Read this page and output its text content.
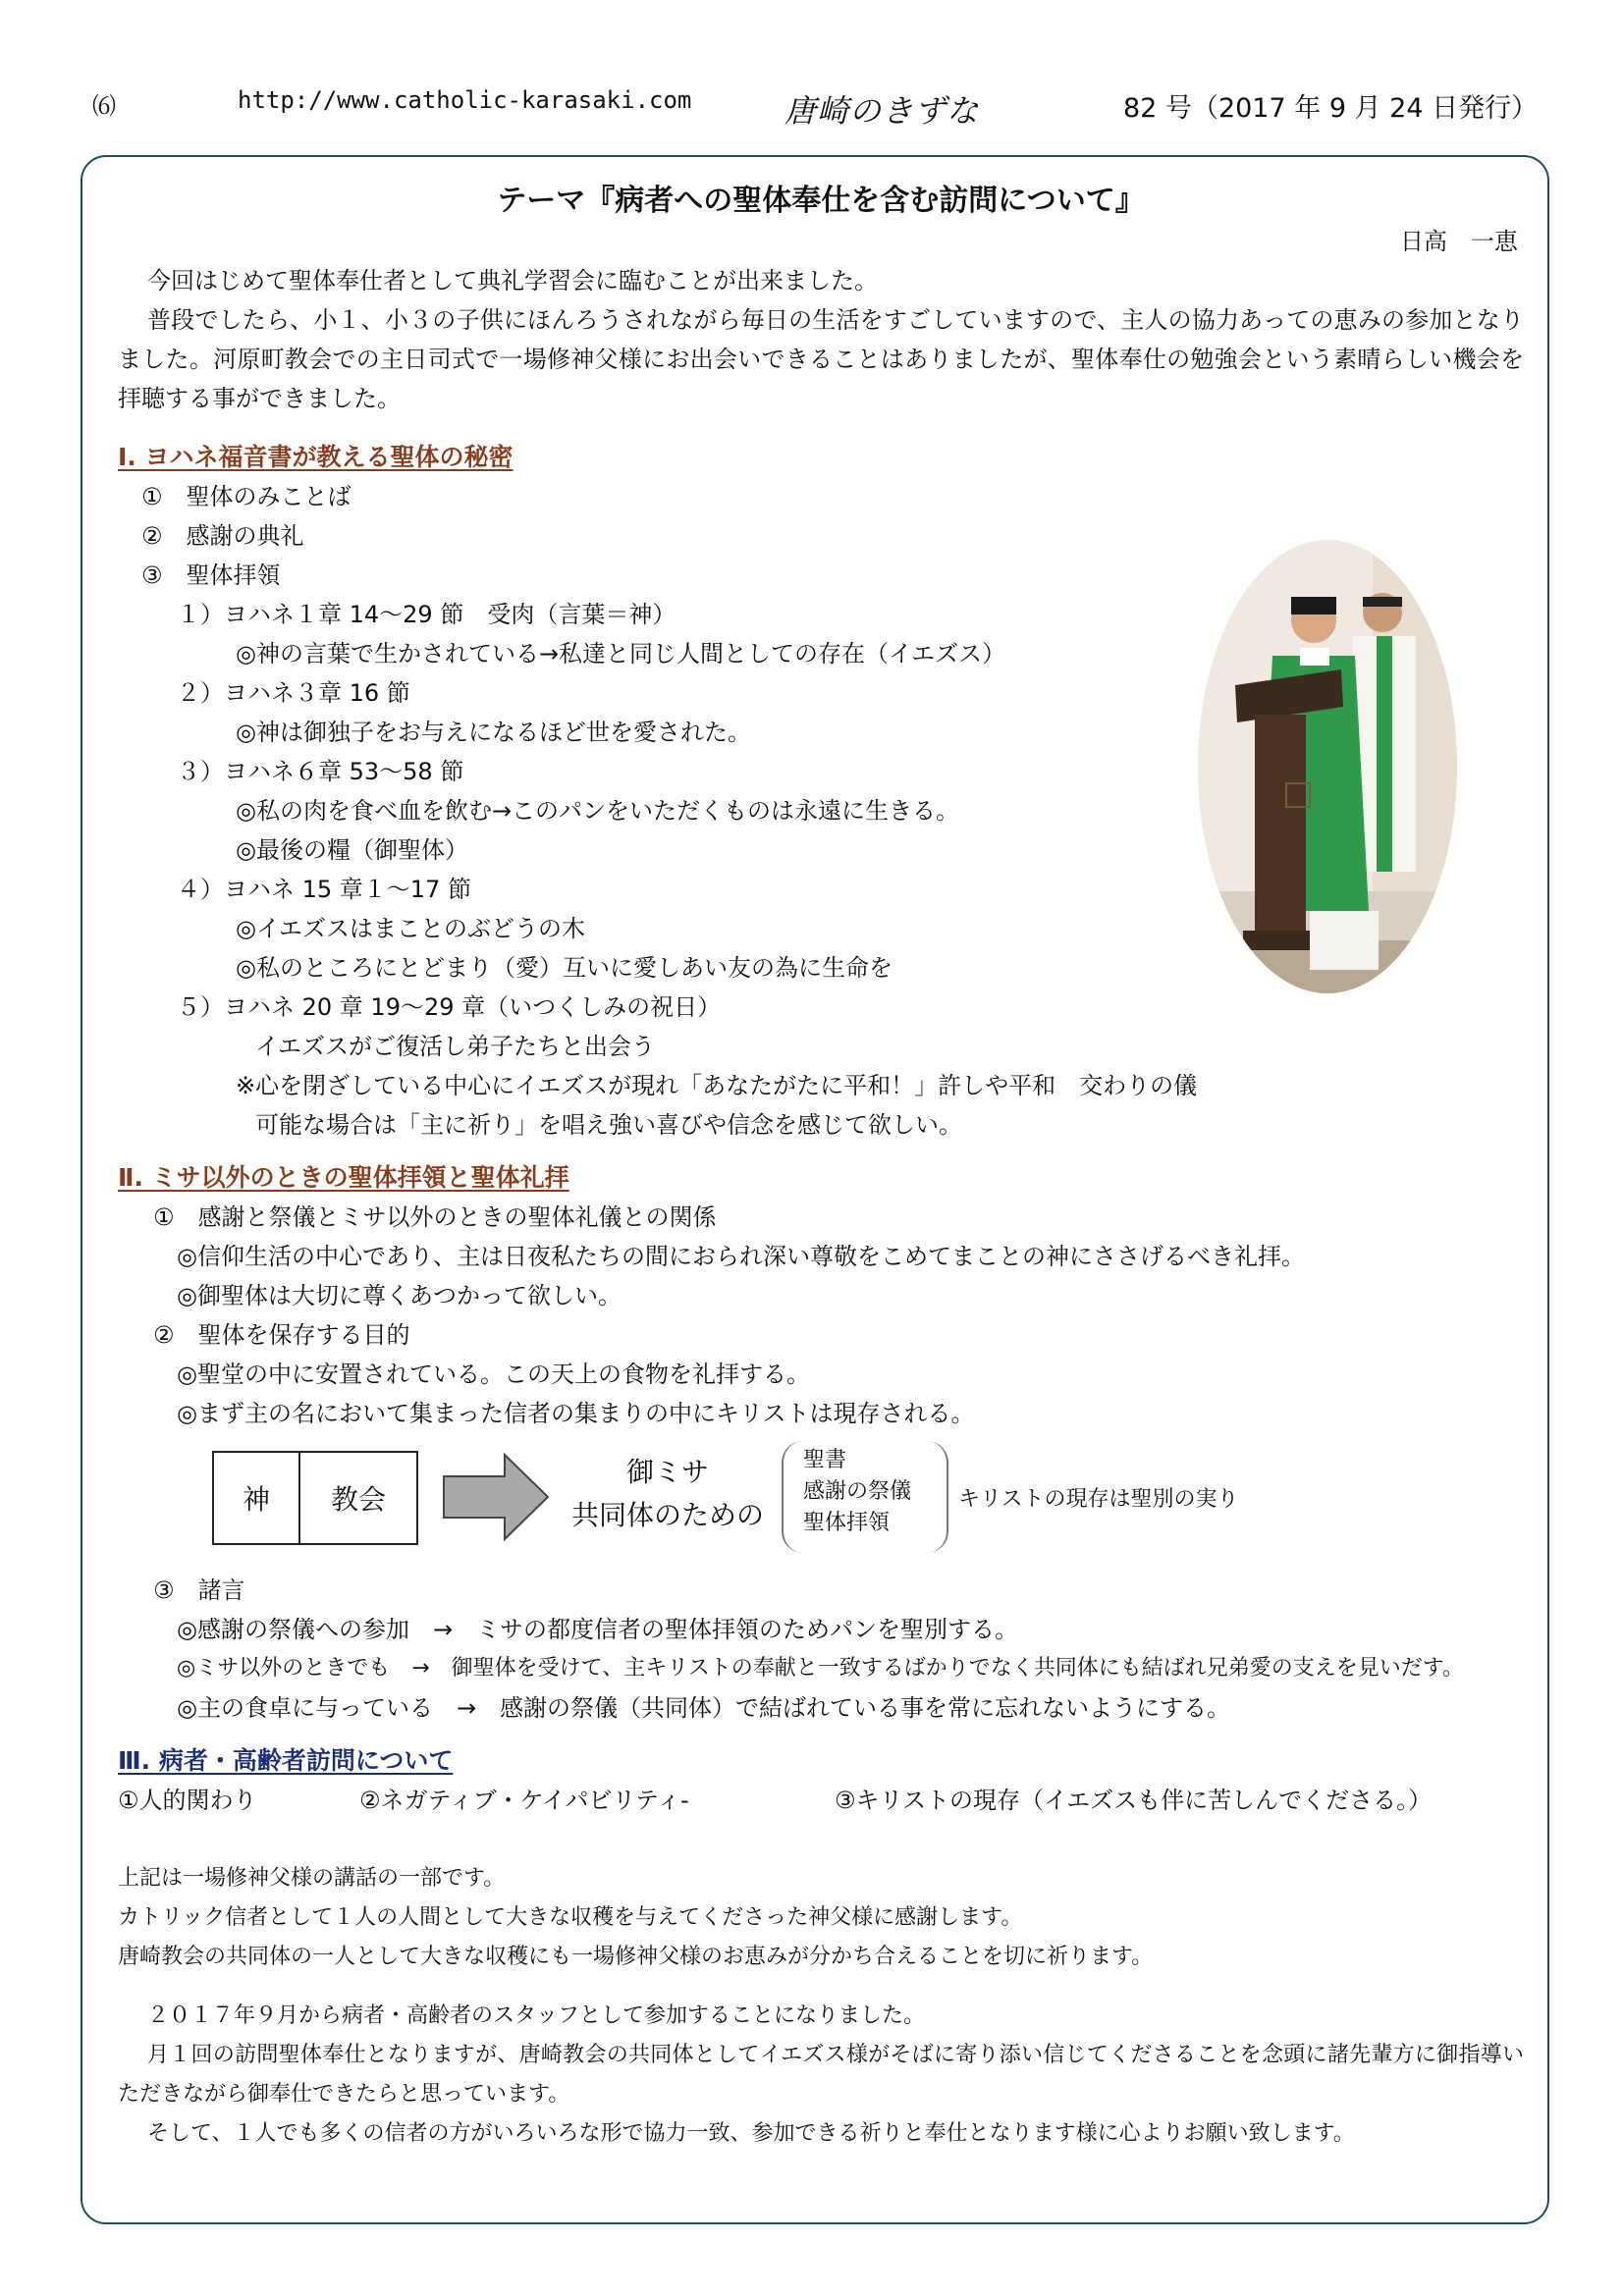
⑹	http://www.catholic-karasaki.com	唐崎のきずな	82 号（2017 年 9 月 24 日発行）

テーマ『病者への聖体奉仕を含む訪問について』

日高　一恵

今回はじめて聖体奉仕者として典礼学習会に臨むことが出来ました。

普段でしたら、小１、小３の子供にほんろうされながら毎日の生活をすごしていますので、主人の協力あっての恵みの参加となりました。河原町教会での主日司式で一場修神父様にお出会いできることはありましたが、聖体奉仕の勉強会という素晴らしい機会を拝聴する事ができました。

Ⅰ. ヨハネ福音書が教える聖体の秘密

①　聖体のみことば

②　感謝の典礼

③　聖体拝領

１）ヨハネ１章 14〜29 節　受肉（言葉＝神）

◎神の言葉で生かされている→私達と同じ人間としての存在（イエズス）

２）ヨハネ３章 16 節

◎神は御独子をお与えになるほど世を愛された。

３）ヨハネ６章 53〜58 節

◎私の肉を食べ血を飲む→このパンをいただくものは永遠に生きる。

◎最後の糧（御聖体）

４）ヨハネ 15 章１〜17 節

◎イエズスはまことのぶどうの木

◎私のところにとどまり（愛）互いに愛しあい友の為に生命を

５）ヨハネ 20 章 19〜29 章（いつくしみの祝日）

イエズスがご復活し弟子たちと出会う

※心を閉ざしている中心にイエズスが現れ「あなたがたに平和！」許しや平和　交わりの儀

可能な場合は「主に祈り」を唱え強い喜びや信念を感じて欲しい。

Ⅱ. ミサ以外のときの聖体拝領と聖体礼拝

①　感謝と祭儀とミサ以外のときの聖体礼儀との関係

◎信仰生活の中心であり、主は日夜私たちの間におられ深い尊敬をこめてまことの神にささげるべき礼拝。

◎御聖体は大切に尊くあつかって欲しい。

②　聖体を保存する目的

◎聖堂の中に安置されている。この天上の食物を礼拝する。

◎まず主の名において集まった信者の集まりの中にキリストは現存される。

神	教会
御ミサ
共同体のための
聖書
感謝の祭儀
聖体拝領
キリストの現存は聖別の実り

③　諸言

◎感謝の祭儀への参加　→　ミサの都度信者の聖体拝領のためパンを聖別する。

◎ミサ以外のときでも　→　御聖体を受けて、主キリストの奉献と一致するばかりでなく共同体にも結ばれ兄弟愛の支えを見いだす。

◎主の食卓に与っている　→　感謝の祭儀（共同体）で結ばれている事を常に忘れないようにする。

Ⅲ. 病者・高齢者訪問について

①人的関わり	②ネガティブ・ケイパビリティ-	③キリストの現存（イエズスも伴に苦しんでくださる。）

上記は一場修神父様の講話の一部です。

カトリック信者として１人の人間として大きな収穫を与えてくださった神父様に感謝します。

唐崎教会の共同体の一人として大きな収穫にも一場修神父様のお恵みが分かち合えることを切に祈ります。

２０１７年９月から病者・高齢者のスタッフとして参加することになりました。

月１回の訪問聖体奉仕となりますが、唐崎教会の共同体としてイエズス様がそばに寄り添い信じてくださることを念頭に諸先輩方に御指導いただきながら御奉仕できたらと思っています。

そして、１人でも多くの信者の方がいろいろな形で協力一致、参加できる祈りと奉仕となります様に心よりお願い致します。
